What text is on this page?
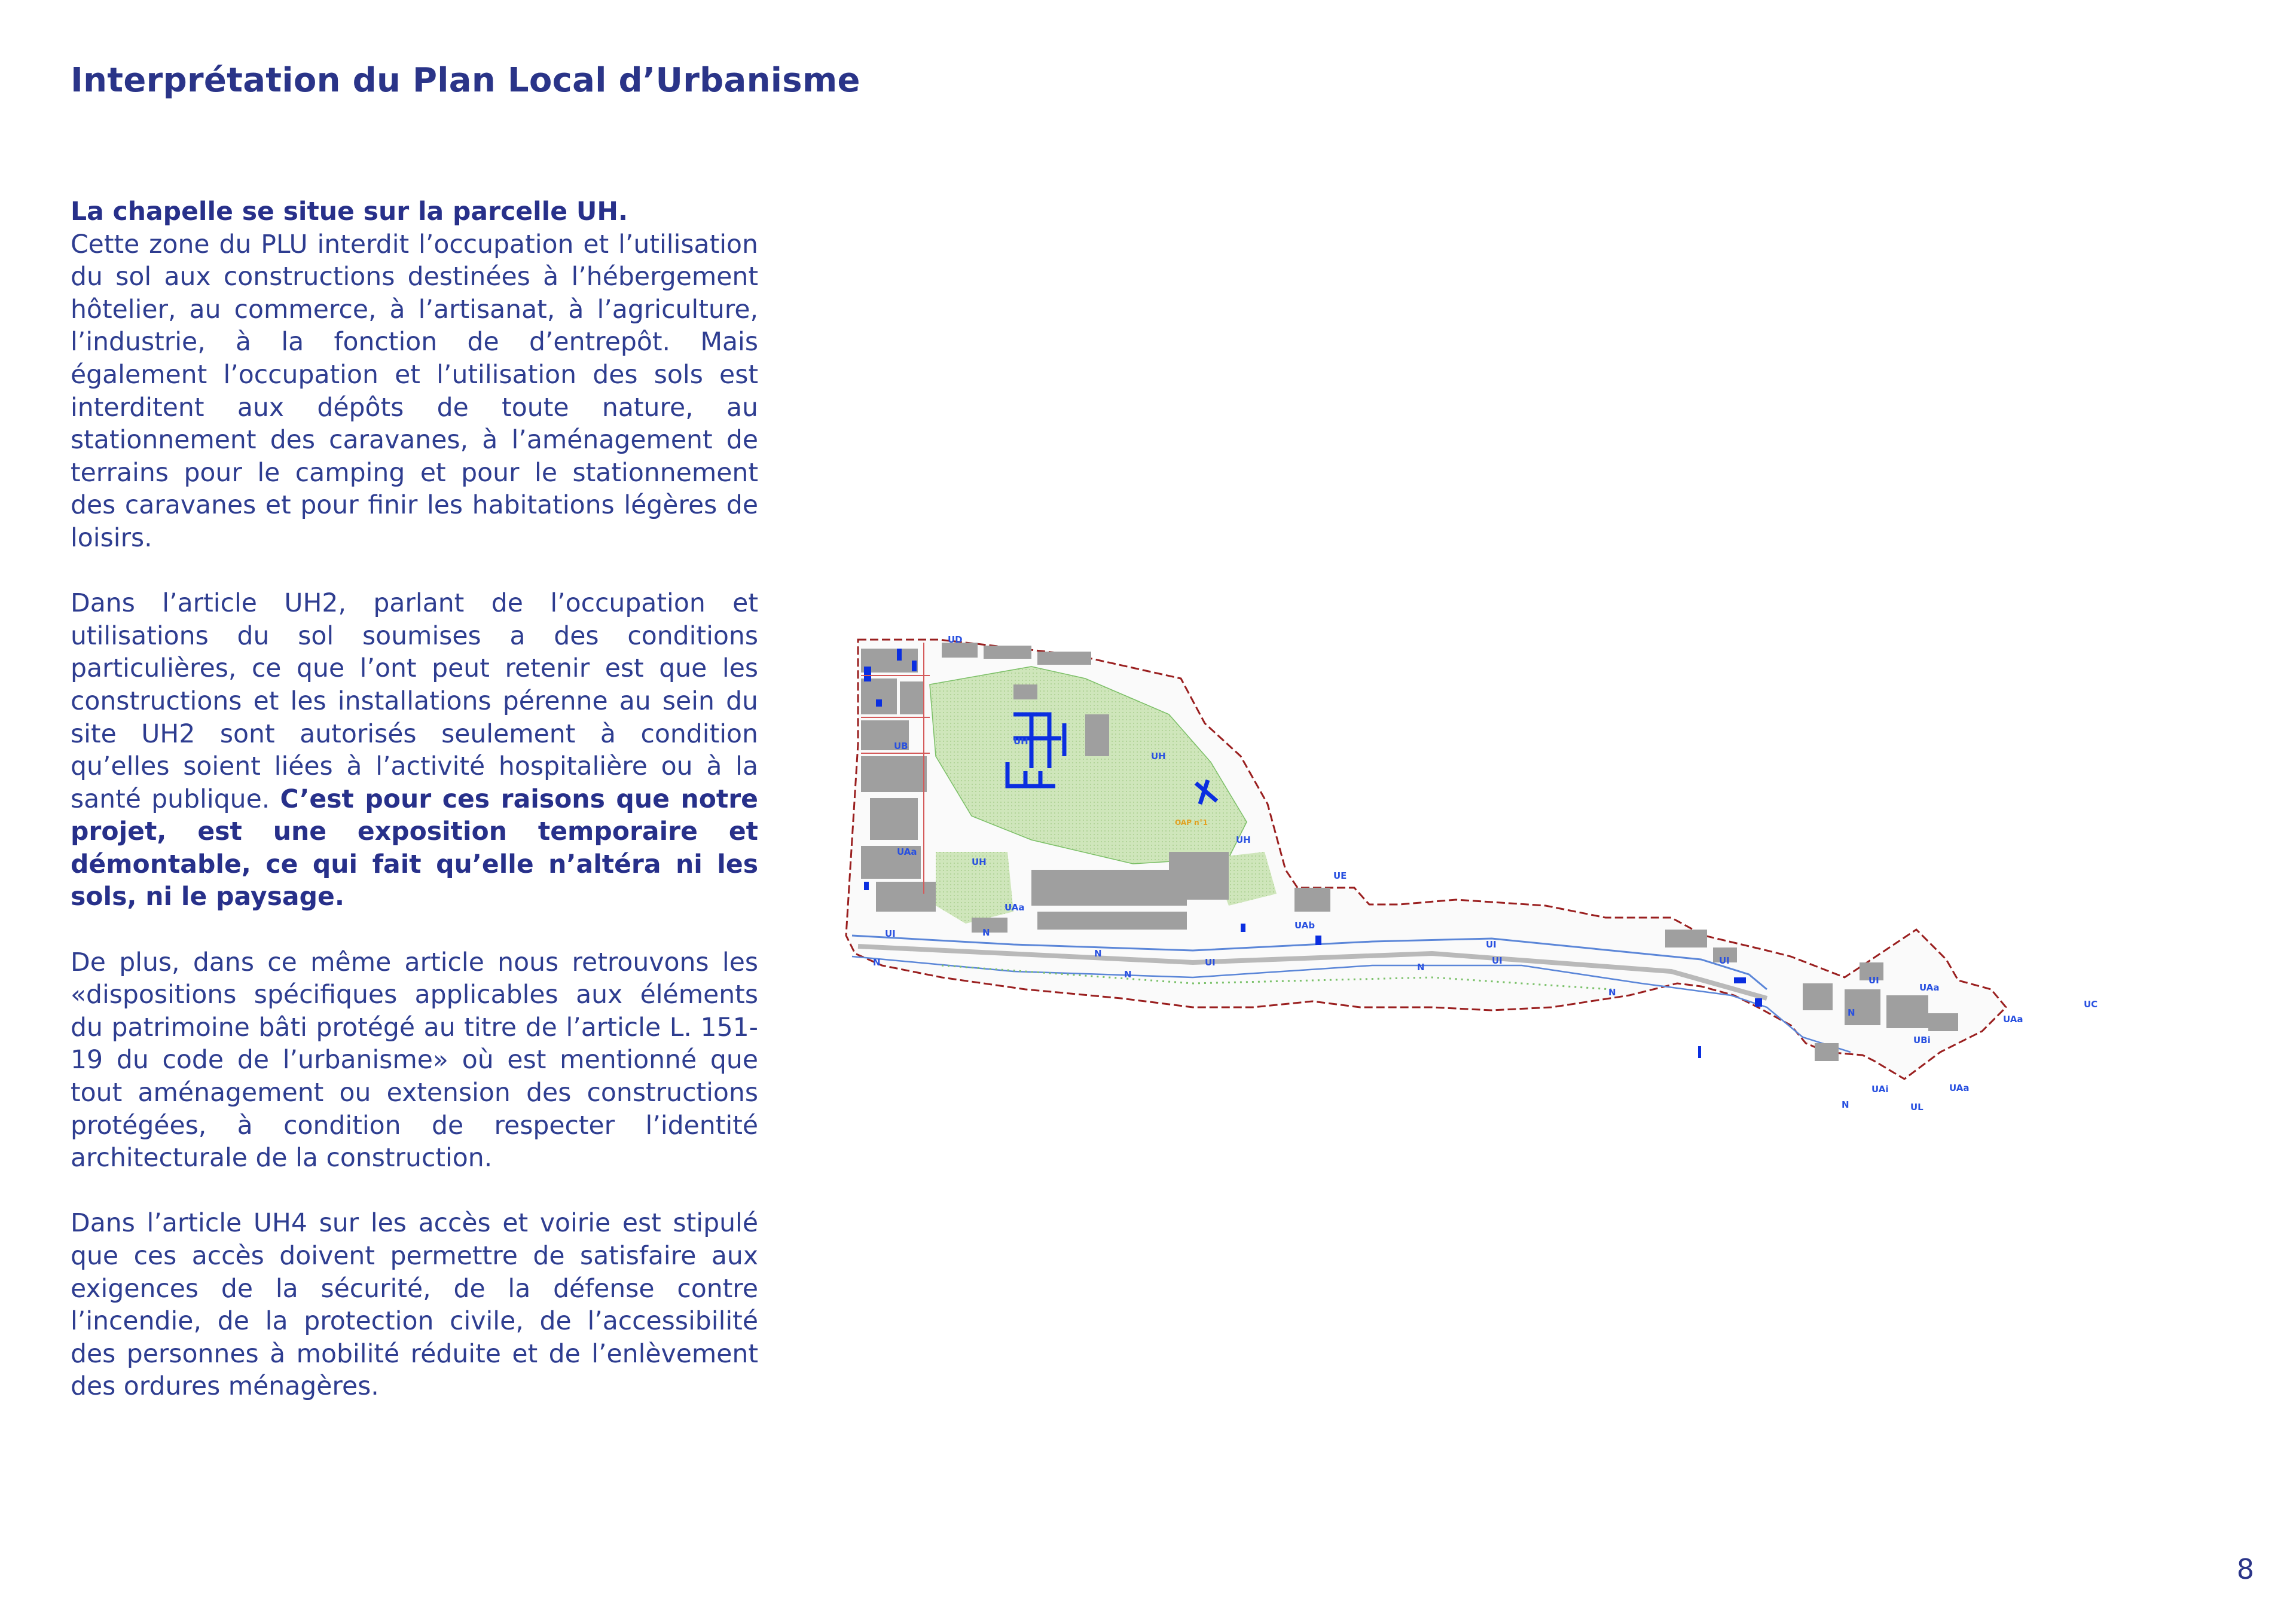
Interprétation du Plan Local d’Urbanisme

La chapelle se situe sur la parcelle UH.
Cette zone du PLU interdit l’occupation et l’utilisation du sol aux constructions destinées à l’hébergement hôtelier, au commerce, à l’artisanat, à l’agriculture, l’industrie, à la fonction de d’entrepôt. Mais également l’occupation et l’utilisation des sols est interditent aux dépôts de toute nature, au stationnement des caravanes, à l’aménagement de terrains pour le camping et pour le stationnement des caravanes et pour finir les habitations légères de loisirs.

Dans l’article UH2, parlant de l’occupation et utilisations du sol soumises a des conditions particulières, ce que l’ont peut retenir est que les constructions et les installations pérenne au sein du site UH2 sont autorisés seulement à condition qu’elles soient liées à l’activité hospitalière ou à la santé publique. C’est pour ces raisons que notre projet, est une exposition temporaire et démontable, ce qui fait qu’elle n’altéra ni les sols, ni le paysage.

De plus, dans ce même article nous retrouvons les «dispositions spécifiques applicables aux éléments du patrimoine bâti protégé au titre de l’article L. 151-19 du code de l’urbanisme» où est mentionné que tout aménagement ou extension des constructions protégées, à condition de respecter l’identité architecturale de la construction.

Dans l’article UH4 sur les accès et voirie est stipulé que ces accès doivent permettre de satisfaire aux exigences de la sécurité, de la défense contre l’incendie, de la protection civile, de l’accessibilité des personnes à mobilité réduite et de l’enlèvement des ordures ménagères.

UH
UH
UH
UH
UAa
UAa
UB
UAa
UAa
UAa
UAb
UE
UD
UI
UI
UI
UI	UI
UI
N
N
N
N
N
N
N
N
UC
UBi
UAi
UL
OAP n°1
8
